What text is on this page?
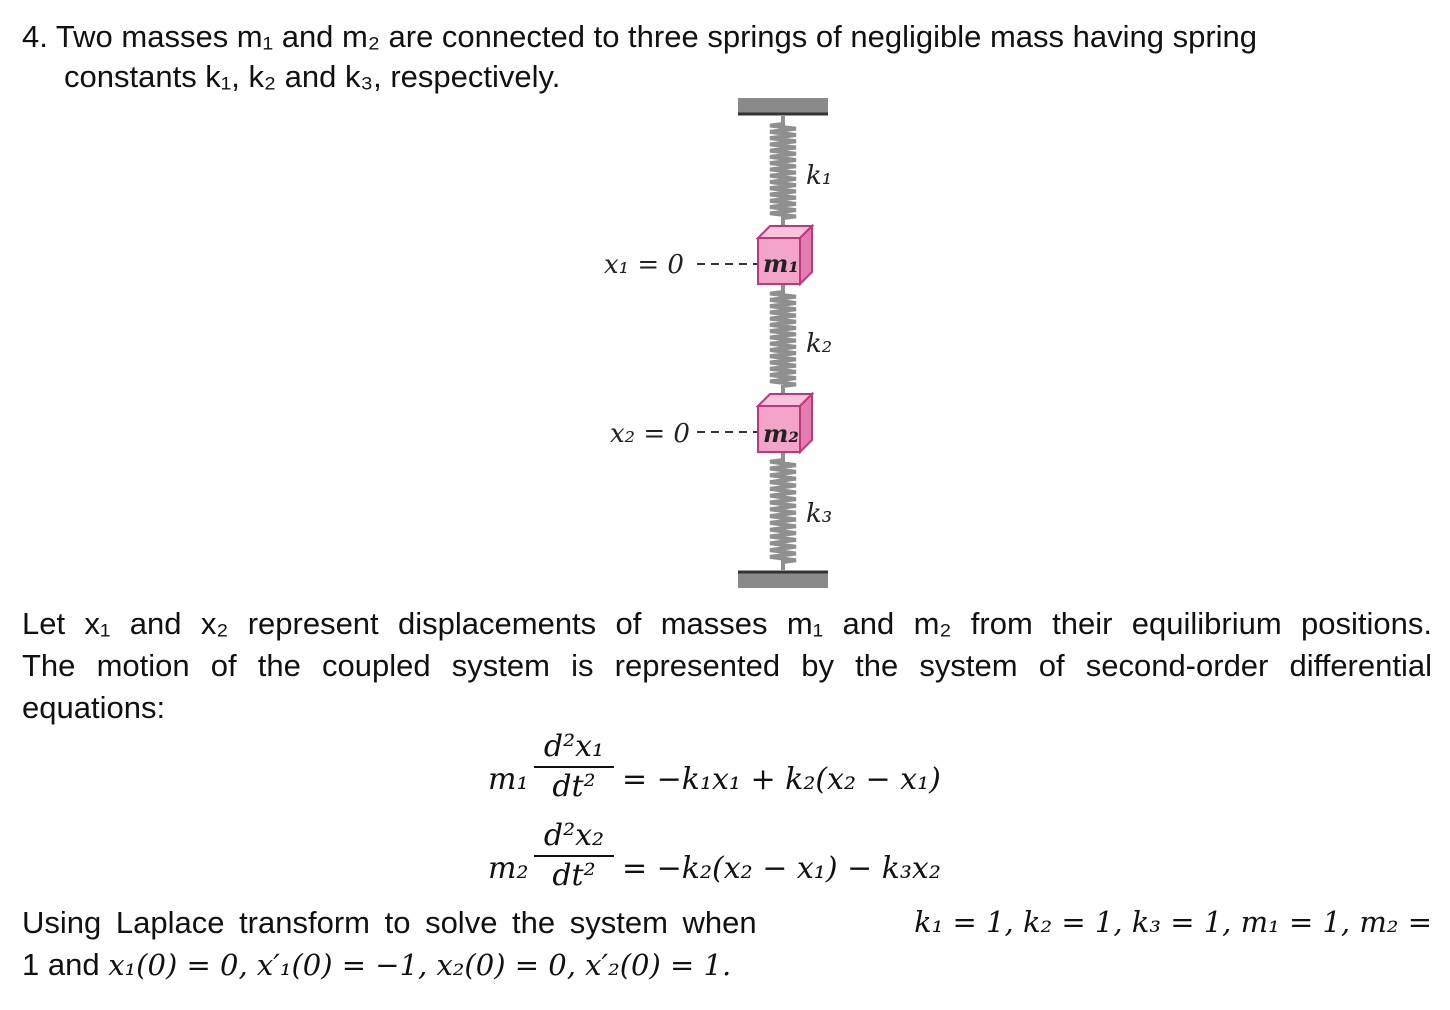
4. Two masses m₁ and m₂ are connected to three springs of negligible mass having spring
constants k₁, k₂ and k₃, respectively.
m₁
m₂
k₁
k₂
k₃
x₁ = 0
x₂ = 0
Let x₁ and x₂ represent displacements of masses m₁ and m₂ from their equilibrium positions.
The motion of the coupled system is represented by the system of second-order differential
equations:
m₁
d²x₁
dt² = −k₁x₁ + k₂(x₂ − x₁)
m₂
d²x₂
dt² = −k₂(x₂ − x₁) − k₃x₂
Using Laplace transform to solve the system when	k₁ = 1, k₂ = 1, k₃ = 1, m₁ = 1, m₂ =
1 and x₁(0) = 0, x′₁(0) = −1, x₂(0) = 0, x′₂(0) = 1.
